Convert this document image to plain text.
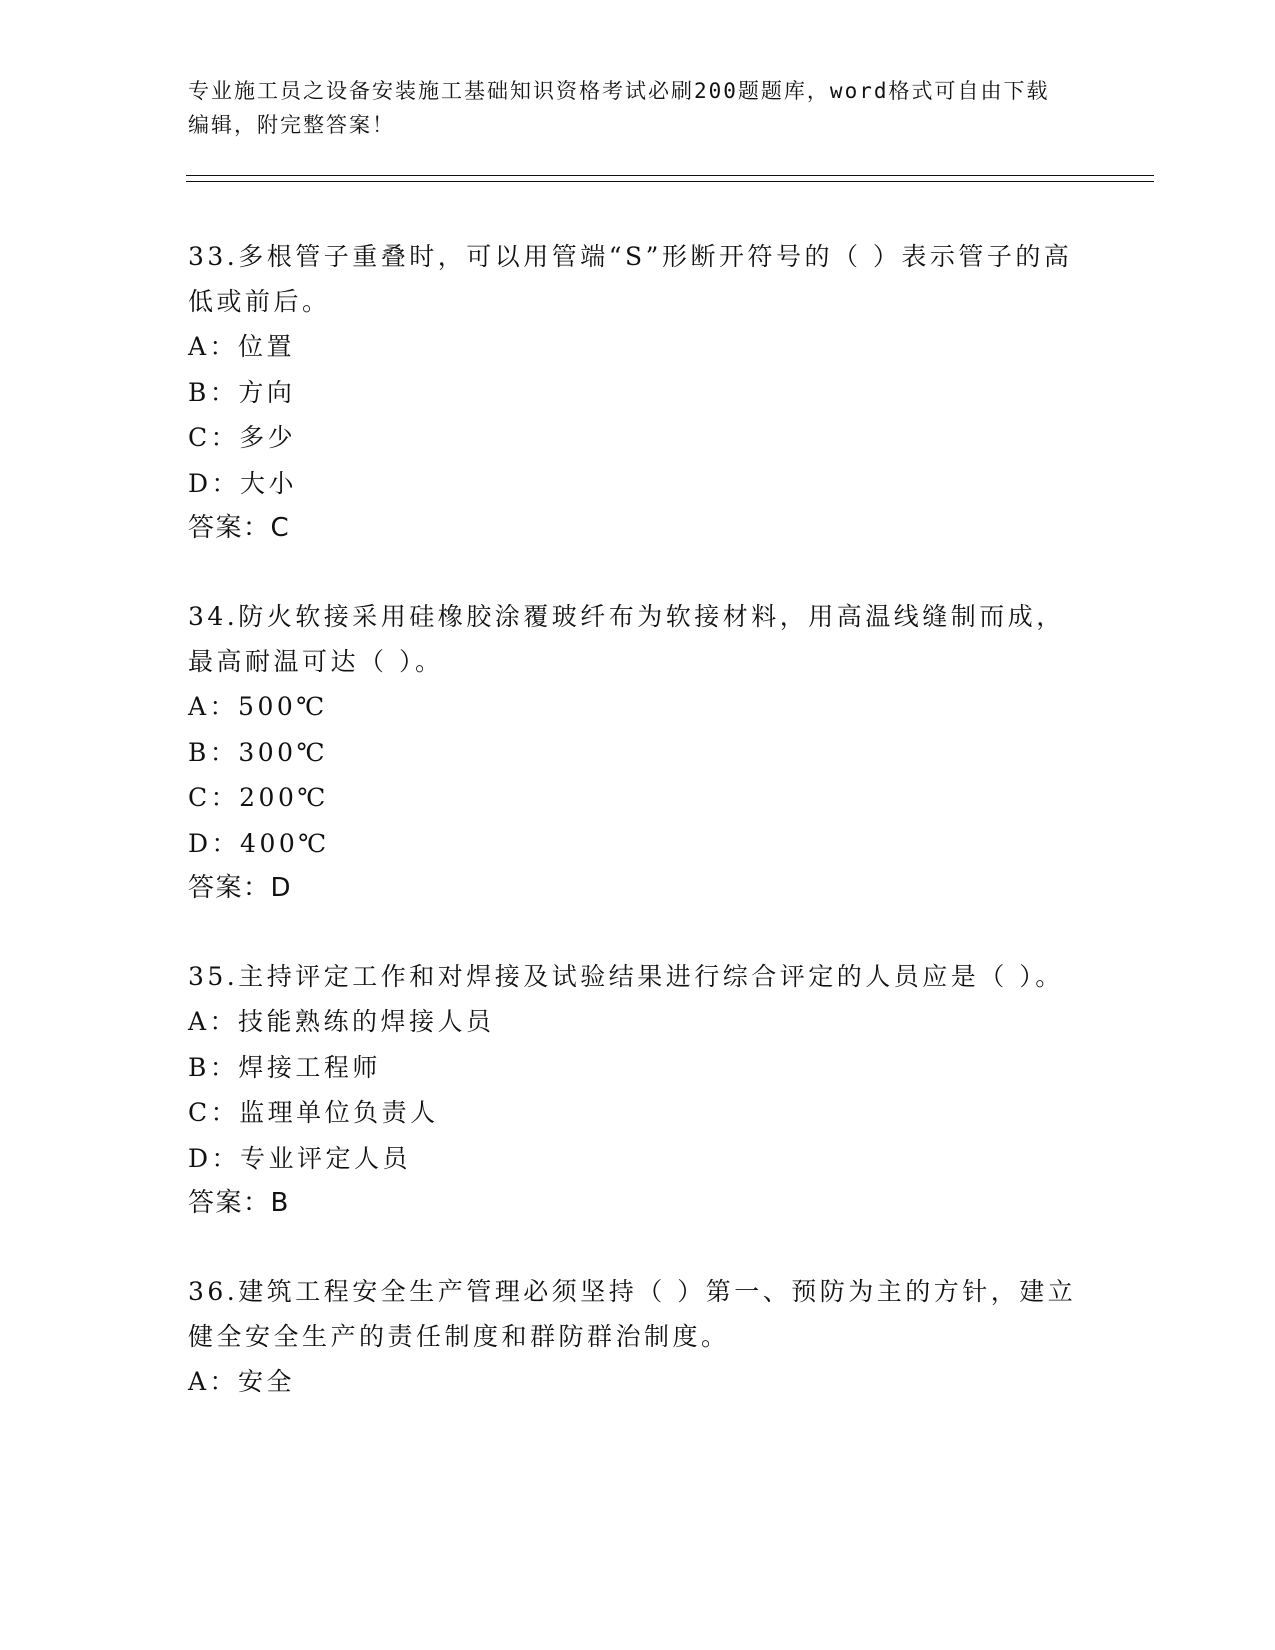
专业施工员之设备安装施工基础知识资格考试必刷200题题库，word格式可自由下载编辑，附完整答案！
33.多根管子重叠时，可以用管端“S”形断开符号的（ ）表示管子的高低或前后。
A：位置
B：方向
C：多少
D：大小
答案：C
34.防火软接采用硅橡胶涂覆玻纤布为软接材料，用高温线缝制而成，最高耐温可达（ ）。
A：500℃
B：300℃
C：200℃
D：400℃
答案：D
35.主持评定工作和对焊接及试验结果进行综合评定的人员应是（ ）。
A：技能熟练的焊接人员
B：焊接工程师
C：监理单位负责人
D：专业评定人员
答案：B
36.建筑工程安全生产管理必须坚持（ ）第一、预防为主的方针，建立健全安全生产的责任制度和群防群治制度。
A：安全
